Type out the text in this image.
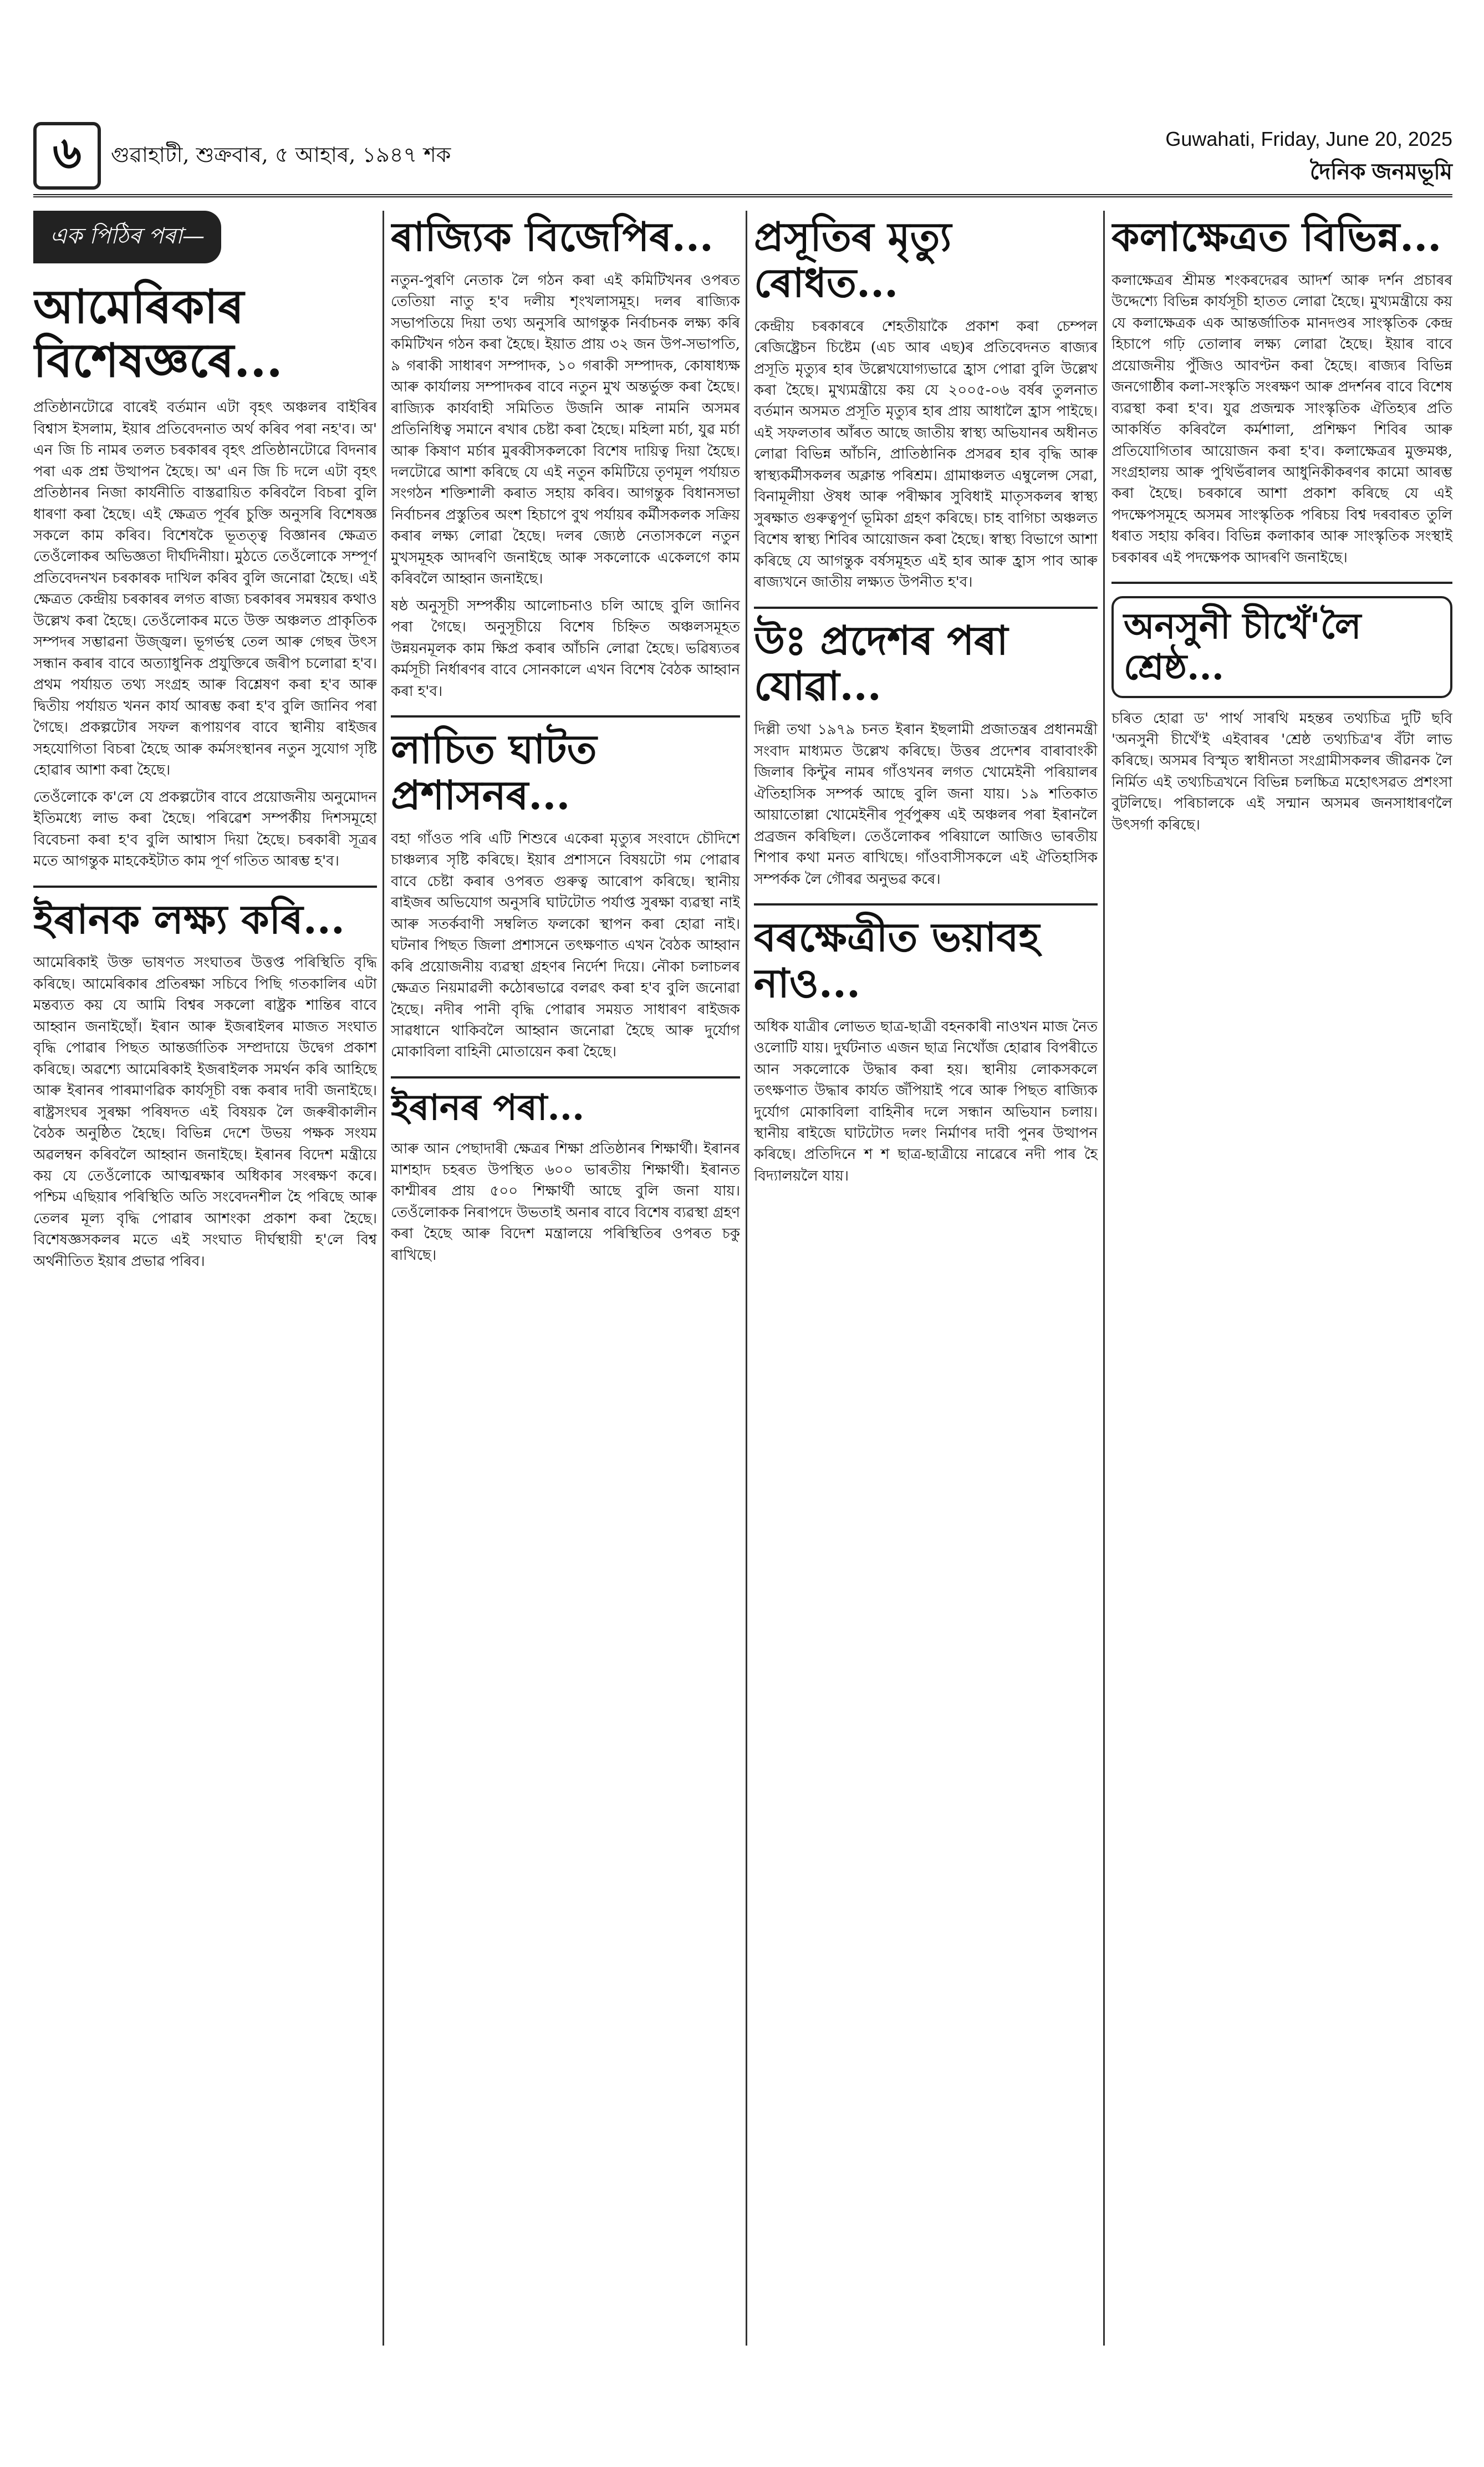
৬	গুৱাহাটী, শুক্ৰবাৰ, ৫ আহাৰ, ১৯৪৭ শক
Guwahati, Friday, June 20, 2025
দৈনিক জনমভূমি
এক পিঠিৰ পৰা—
আমেৰিকাৰ বিশেষজ্ঞৰে...

প্ৰতিষ্ঠানটোৱে বাৰেই বৰ্তমান এটা বৃহৎ অঞ্চলৰ বাইৰিৰ বিশ্বাস ইসলাম, ইয়াৰ প্ৰতিবেদনাত অৰ্থ কৰিব পৰা নহ'ব। অ' এন জি চি নামৰ তলত চৰকাৰৰ বৃহৎ প্ৰতিষ্ঠানটোৱে বিদনাৰ পৰা এক প্ৰশ্ন উত্থাপন হৈছে। অ' এন জি চি দলে এটা বৃহৎ প্ৰতিষ্ঠানৰ নিজা কাৰ্যনীতি বাস্তৱায়িত কৰিবলৈ বিচৰা বুলি ধাৰণা কৰা হৈছে। এই ক্ষেত্ৰত পূৰ্বৰ চুক্তি অনুসৰি বিশেষজ্ঞ সকলে কাম কৰিব। বিশেষকৈ ভূতত্ত্ব বিজ্ঞানৰ ক্ষেত্ৰত তেওঁলোকৰ অভিজ্ঞতা দীৰ্ঘদিনীয়া। মুঠতে তেওঁলোকে সম্পূৰ্ণ প্ৰতিবেদনখন চৰকাৰক দাখিল কৰিব বুলি জনোৱা হৈছে। এই ক্ষেত্ৰত কেন্দ্ৰীয় চৰকাৰৰ লগত ৰাজ্য চৰকাৰৰ সমন্বয়ৰ কথাও উল্লেখ কৰা হৈছে। তেওঁলোকৰ মতে উক্ত অঞ্চলত প্ৰাকৃতিক সম্পদৰ সম্ভাৱনা উজ্জ্বল। ভূগৰ্ভস্থ তেল আৰু গেছৰ উৎস সন্ধান কৰাৰ বাবে অত্যাধুনিক প্ৰযুক্তিৰে জৰীপ চলোৱা হ'ব। প্ৰথম পৰ্যায়ত তথ্য সংগ্ৰহ আৰু বিশ্লেষণ কৰা হ'ব আৰু দ্বিতীয় পৰ্যায়ত খনন কাৰ্য আৰম্ভ কৰা হ'ব বুলি জানিব পৰা গৈছে। প্ৰকল্পটোৰ সফল ৰূপায়ণৰ বাবে স্থানীয় ৰাইজৰ সহযোগিতা বিচৰা হৈছে আৰু কৰ্মসংস্থানৰ নতুন সুযোগ সৃষ্টি হোৱাৰ আশা কৰা হৈছে।

তেওঁলোকে ক'লে যে প্ৰকল্পটোৰ বাবে প্ৰয়োজনীয় অনুমোদন ইতিমধ্যে লাভ কৰা হৈছে। পৰিৱেশ সম্পৰ্কীয় দিশসমূহো বিবেচনা কৰা হ'ব বুলি আশ্বাস দিয়া হৈছে। চৰকাৰী সূত্ৰৰ মতে আগন্তুক মাহকেইটাত কাম পূৰ্ণ গতিত আৰম্ভ হ'ব।

ইৰানক লক্ষ্য কৰি...

আমেৰিকাই উক্ত ভাষণত সংঘাতৰ উত্তপ্ত পৰিস্থিতি বৃদ্ধি কৰিছে। আমেৰিকাৰ প্ৰতিৰক্ষা সচিবে পিছি গতকালিৰ এটা মন্তব্যত কয় যে আমি বিশ্বৰ সকলো ৰাষ্ট্ৰক শান্তিৰ বাবে আহ্বান জনাইছোঁ। ইৰান আৰু ইজৰাইলৰ মাজত সংঘাত বৃদ্ধি পোৱাৰ পিছত আন্তৰ্জাতিক সম্প্ৰদায়ে উদ্বেগ প্ৰকাশ কৰিছে। অৱশ্যে আমেৰিকাই ইজৰাইলক সমৰ্থন কৰি আহিছে আৰু ইৰানৰ পাৰমাণৱিক কাৰ্যসূচী বন্ধ কৰাৰ দাবী জনাইছে। ৰাষ্ট্ৰসংঘৰ সুৰক্ষা পৰিষদত এই বিষয়ক লৈ জৰুৰীকালীন বৈঠক অনুষ্ঠিত হৈছে। বিভিন্ন দেশে উভয় পক্ষক সংযম অৱলম্বন কৰিবলৈ আহ্বান জনাইছে। ইৰানৰ বিদেশ মন্ত্ৰীয়ে কয় যে তেওঁলোকে আত্মৰক্ষাৰ অধিকাৰ সংৰক্ষণ কৰে। পশ্চিম এছিয়াৰ পৰিস্থিতি অতি সংবেদনশীল হৈ পৰিছে আৰু তেলৰ মূল্য বৃদ্ধি পোৱাৰ আশংকা প্ৰকাশ কৰা হৈছে। বিশেষজ্ঞসকলৰ মতে এই সংঘাত দীৰ্ঘস্থায়ী হ'লে বিশ্ব অৰ্থনীতিত ইয়াৰ প্ৰভাৱ পৰিব।

ৰাজ্যিক বিজেপিৰ...

নতুন-পুৰণি নেতাক লৈ গঠন কৰা এই কমিটিখনৰ ওপৰত তেতিয়া নাতু হ'ব দলীয় শৃংখলাসমূহ। দলৰ ৰাজ্যিক সভাপতিয়ে দিয়া তথ্য অনুসৰি আগন্তুক নিৰ্বাচনক লক্ষ্য কৰি কমিটিখন গঠন কৰা হৈছে। ইয়াত প্ৰায় ৩২ জন উপ-সভাপতি, ৯ গৰাকী সাধাৰণ সম্পাদক, ১০ গৰাকী সম্পাদক, কোষাধ্যক্ষ আৰু কাৰ্যালয় সম্পাদকৰ বাবে নতুন মুখ অন্তৰ্ভুক্ত কৰা হৈছে। ৰাজ্যিক কাৰ্যবাহী সমিতিত উজনি আৰু নামনি অসমৰ প্ৰতিনিধিত্ব সমানে ৰখাৰ চেষ্টা কৰা হৈছে। মহিলা মৰ্চা, যুৱ মৰ্চা আৰু কিষাণ মৰ্চাৰ মুৰব্বীসকলকো বিশেষ দায়িত্ব দিয়া হৈছে। দলটোৱে আশা কৰিছে যে এই নতুন কমিটিয়ে তৃণমূল পৰ্যায়ত সংগঠন শক্তিশালী কৰাত সহায় কৰিব। আগন্তুক বিধানসভা নিৰ্বাচনৰ প্ৰস্তুতিৰ অংশ হিচাপে বুথ পৰ্যায়ৰ কৰ্মীসকলক সক্ৰিয় কৰাৰ লক্ষ্য লোৱা হৈছে। দলৰ জ্যেষ্ঠ নেতাসকলে নতুন মুখসমূহক আদৰণি জনাইছে আৰু সকলোকে একেলগে কাম কৰিবলৈ আহ্বান জনাইছে।

ষষ্ঠ অনুসূচী সম্পৰ্কীয় আলোচনাও চলি আছে বুলি জানিব পৰা গৈছে। অনুসূচীয়ে বিশেষ চিহ্নিত অঞ্চলসমূহত উন্নয়নমূলক কাম ক্ষিপ্ৰ কৰাৰ আঁচনি লোৱা হৈছে। ভৱিষ্যতৰ কৰ্মসূচী নিৰ্ধাৰণৰ বাবে সোনকালে এখন বিশেষ বৈঠক আহ্বান কৰা হ'ব।

লাচিত ঘাটত প্ৰশাসনৰ...

বহা গাঁওত পৰি এটি শিশুৰে একেৰা মৃত্যুৰ সংবাদে চৌদিশে চাঞ্চল্যৰ সৃষ্টি কৰিছে। ইয়াৰ প্ৰশাসনে বিষয়টো গম পোৱাৰ বাবে চেষ্টা কৰাৰ ওপৰত গুৰুত্ব আৰোপ কৰিছে। স্থানীয় ৰাইজৰ অভিযোগ অনুসৰি ঘাটটোত পৰ্যাপ্ত সুৰক্ষা ব্যৱস্থা নাই আৰু সতৰ্কবাণী সম্বলিত ফলকো স্থাপন কৰা হোৱা নাই। ঘটনাৰ পিছত জিলা প্ৰশাসনে তৎক্ষণাত এখন বৈঠক আহ্বান কৰি প্ৰয়োজনীয় ব্যৱস্থা গ্ৰহণৰ নিৰ্দেশ দিয়ে। নৌকা চলাচলৰ ক্ষেত্ৰত নিয়মাৱলী কঠোৰভাৱে বলৱৎ কৰা হ'ব বুলি জনোৱা হৈছে। নদীৰ পানী বৃদ্ধি পোৱাৰ সময়ত সাধাৰণ ৰাইজক সাৱধানে থাকিবলৈ আহ্বান জনোৱা হৈছে আৰু দুৰ্যোগ মোকাবিলা বাহিনী মোতায়েন কৰা হৈছে।

ইৰানৰ পৰা...

আৰু আন পেছাদাৰী ক্ষেত্ৰৰ শিক্ষা প্ৰতিষ্ঠানৰ শিক্ষাৰ্থী। ইৰানৰ মাশহাদ চহৰত উপস্থিত ৬০০ ভাৰতীয় শিক্ষাৰ্থী। ইৰানত কাশ্মীৰৰ প্ৰায় ৫০০ শিক্ষাৰ্থী আছে বুলি জনা যায়। তেওঁলোকক নিৰাপদে উভতাই অনাৰ বাবে বিশেষ ব্যৱস্থা গ্ৰহণ কৰা হৈছে আৰু বিদেশ মন্ত্ৰালয়ে পৰিস্থিতিৰ ওপৰত চকু ৰাখিছে।

প্ৰসূতিৰ মৃত্যু ৰোধত...

কেন্দ্ৰীয় চৰকাৰৰে শেহতীয়াকৈ প্ৰকাশ কৰা চেম্পল ৰেজিষ্ট্ৰেচন চিষ্টেম (এচ আৰ এছ)ৰ প্ৰতিবেদনত ৰাজ্যৰ প্ৰসূতি মৃত্যুৰ হাৰ উল্লেখযোগ্যভাৱে হ্ৰাস পোৱা বুলি উল্লেখ কৰা হৈছে। মুখ্যমন্ত্ৰীয়ে কয় যে ২০০৫-০৬ বৰ্ষৰ তুলনাত বৰ্তমান অসমত প্ৰসূতি মৃত্যুৰ হাৰ প্ৰায় আধালৈ হ্ৰাস পাইছে। এই সফলতাৰ আঁৰত আছে জাতীয় স্বাস্থ্য অভিযানৰ অধীনত লোৱা বিভিন্ন আঁচনি, প্ৰাতিষ্ঠানিক প্ৰসৱৰ হাৰ বৃদ্ধি আৰু স্বাস্থ্যকৰ্মীসকলৰ অক্লান্ত পৰিশ্ৰম। গ্ৰামাঞ্চলত এম্বুলেন্স সেৱা, বিনামূলীয়া ঔষধ আৰু পৰীক্ষাৰ সুবিধাই মাতৃসকলৰ স্বাস্থ্য সুৰক্ষাত গুৰুত্বপূৰ্ণ ভূমিকা গ্ৰহণ কৰিছে। চাহ বাগিচা অঞ্চলত বিশেষ স্বাস্থ্য শিবিৰ আয়োজন কৰা হৈছে। স্বাস্থ্য বিভাগে আশা কৰিছে যে আগন্তুক বৰ্ষসমূহত এই হাৰ আৰু হ্ৰাস পাব আৰু ৰাজ্যখনে জাতীয় লক্ষ্যত উপনীত হ'ব।

উঃ প্ৰদেশৰ পৰা যোৱা...

দিল্লী তথা ১৯৭৯ চনত ইৰান ইছলামী প্ৰজাতন্ত্ৰৰ প্ৰধানমন্ত্ৰী সংবাদ মাধ্যমত উল্লেখ কৰিছে। উত্তৰ প্ৰদেশৰ বাৰাবাংকী জিলাৰ কিন্টুৰ নামৰ গাঁওখনৰ লগত খোমেইনী পৰিয়ালৰ ঐতিহাসিক সম্পৰ্ক আছে বুলি জনা যায়। ১৯ শতিকাত আয়াতোল্লা খোমেইনীৰ পূৰ্বপুৰুষ এই অঞ্চলৰ পৰা ইৰানলৈ প্ৰব্ৰজন কৰিছিল। তেওঁলোকৰ পৰিয়ালে আজিও ভাৰতীয় শিপাৰ কথা মনত ৰাখিছে। গাঁওবাসীসকলে এই ঐতিহাসিক সম্পৰ্কক লৈ গৌৰৱ অনুভৱ কৰে।

বৰক্ষেত্ৰীত ভয়াবহ নাও...

অধিক যাত্ৰীৰ লোভত ছাত্ৰ-ছাত্ৰী বহনকাৰী নাওখন মাজ নৈত ওলোটি যায়। দুৰ্ঘটনাত এজন ছাত্ৰ নিখোঁজ হোৱাৰ বিপৰীতে আন সকলোকে উদ্ধাৰ কৰা হয়। স্থানীয় লোকসকলে তৎক্ষণাত উদ্ধাৰ কাৰ্যত জঁপিয়াই পৰে আৰু পিছত ৰাজ্যিক দুৰ্যোগ মোকাবিলা বাহিনীৰ দলে সন্ধান অভিযান চলায়। স্থানীয় ৰাইজে ঘাটটোত দলং নিৰ্মাণৰ দাবী পুনৰ উত্থাপন কৰিছে। প্ৰতিদিনে শ শ ছাত্ৰ-ছাত্ৰীয়ে নাৱেৰে নদী পাৰ হৈ বিদ্যালয়লৈ যায়।

কলাক্ষেত্ৰত বিভিন্ন...

কলাক্ষেত্ৰৰ শ্ৰীমন্ত শংকৰদেৱৰ আদৰ্শ আৰু দৰ্শন প্ৰচাৰৰ উদ্দেশ্যে বিভিন্ন কাৰ্যসূচী হাতত লোৱা হৈছে। মুখ্যমন্ত্ৰীয়ে কয় যে কলাক্ষেত্ৰক এক আন্তৰ্জাতিক মানদণ্ডৰ সাংস্কৃতিক কেন্দ্ৰ হিচাপে গঢ়ি তোলাৰ লক্ষ্য লোৱা হৈছে। ইয়াৰ বাবে প্ৰয়োজনীয় পুঁজিও আবণ্টন কৰা হৈছে। ৰাজ্যৰ বিভিন্ন জনগোষ্ঠীৰ কলা-সংস্কৃতি সংৰক্ষণ আৰু প্ৰদৰ্শনৰ বাবে বিশেষ ব্যৱস্থা কৰা হ'ব। যুৱ প্ৰজন্মক সাংস্কৃতিক ঐতিহ্যৰ প্ৰতি আকৰ্ষিত কৰিবলৈ কৰ্মশালা, প্ৰশিক্ষণ শিবিৰ আৰু প্ৰতিযোগিতাৰ আয়োজন কৰা হ'ব। কলাক্ষেত্ৰৰ মুক্তমঞ্চ, সংগ্ৰহালয় আৰু পুথিভঁৰালৰ আধুনিকীকৰণৰ কামো আৰম্ভ কৰা হৈছে। চৰকাৰে আশা প্ৰকাশ কৰিছে যে এই পদক্ষেপসমূহে অসমৰ সাংস্কৃতিক পৰিচয় বিশ্ব দৰবাৰত তুলি ধৰাত সহায় কৰিব। বিভিন্ন কলাকাৰ আৰু সাংস্কৃতিক সংস্থাই চৰকাৰৰ এই পদক্ষেপক আদৰণি জনাইছে।

অনসুনী চীখেঁ'লৈ শ্ৰেষ্ঠ...

চৰিত হোৱা ড' পাৰ্থ সাৰথি মহন্তৰ তথ্যচিত্ৰ দুটি ছবি 'অনসুনী চীখেঁ'ই এইবাৰৰ 'শ্ৰেষ্ঠ তথ্যচিত্ৰ'ৰ বঁটা লাভ কৰিছে। অসমৰ বিস্মৃত স্বাধীনতা সংগ্ৰামীসকলৰ জীৱনক লৈ নিৰ্মিত এই তথ্যচিত্ৰখনে বিভিন্ন চলচ্চিত্ৰ মহোৎসৱত প্ৰশংসা বুটলিছে। পৰিচালকে এই সন্মান অসমৰ জনসাধাৰণলৈ উৎসৰ্গা কৰিছে।
